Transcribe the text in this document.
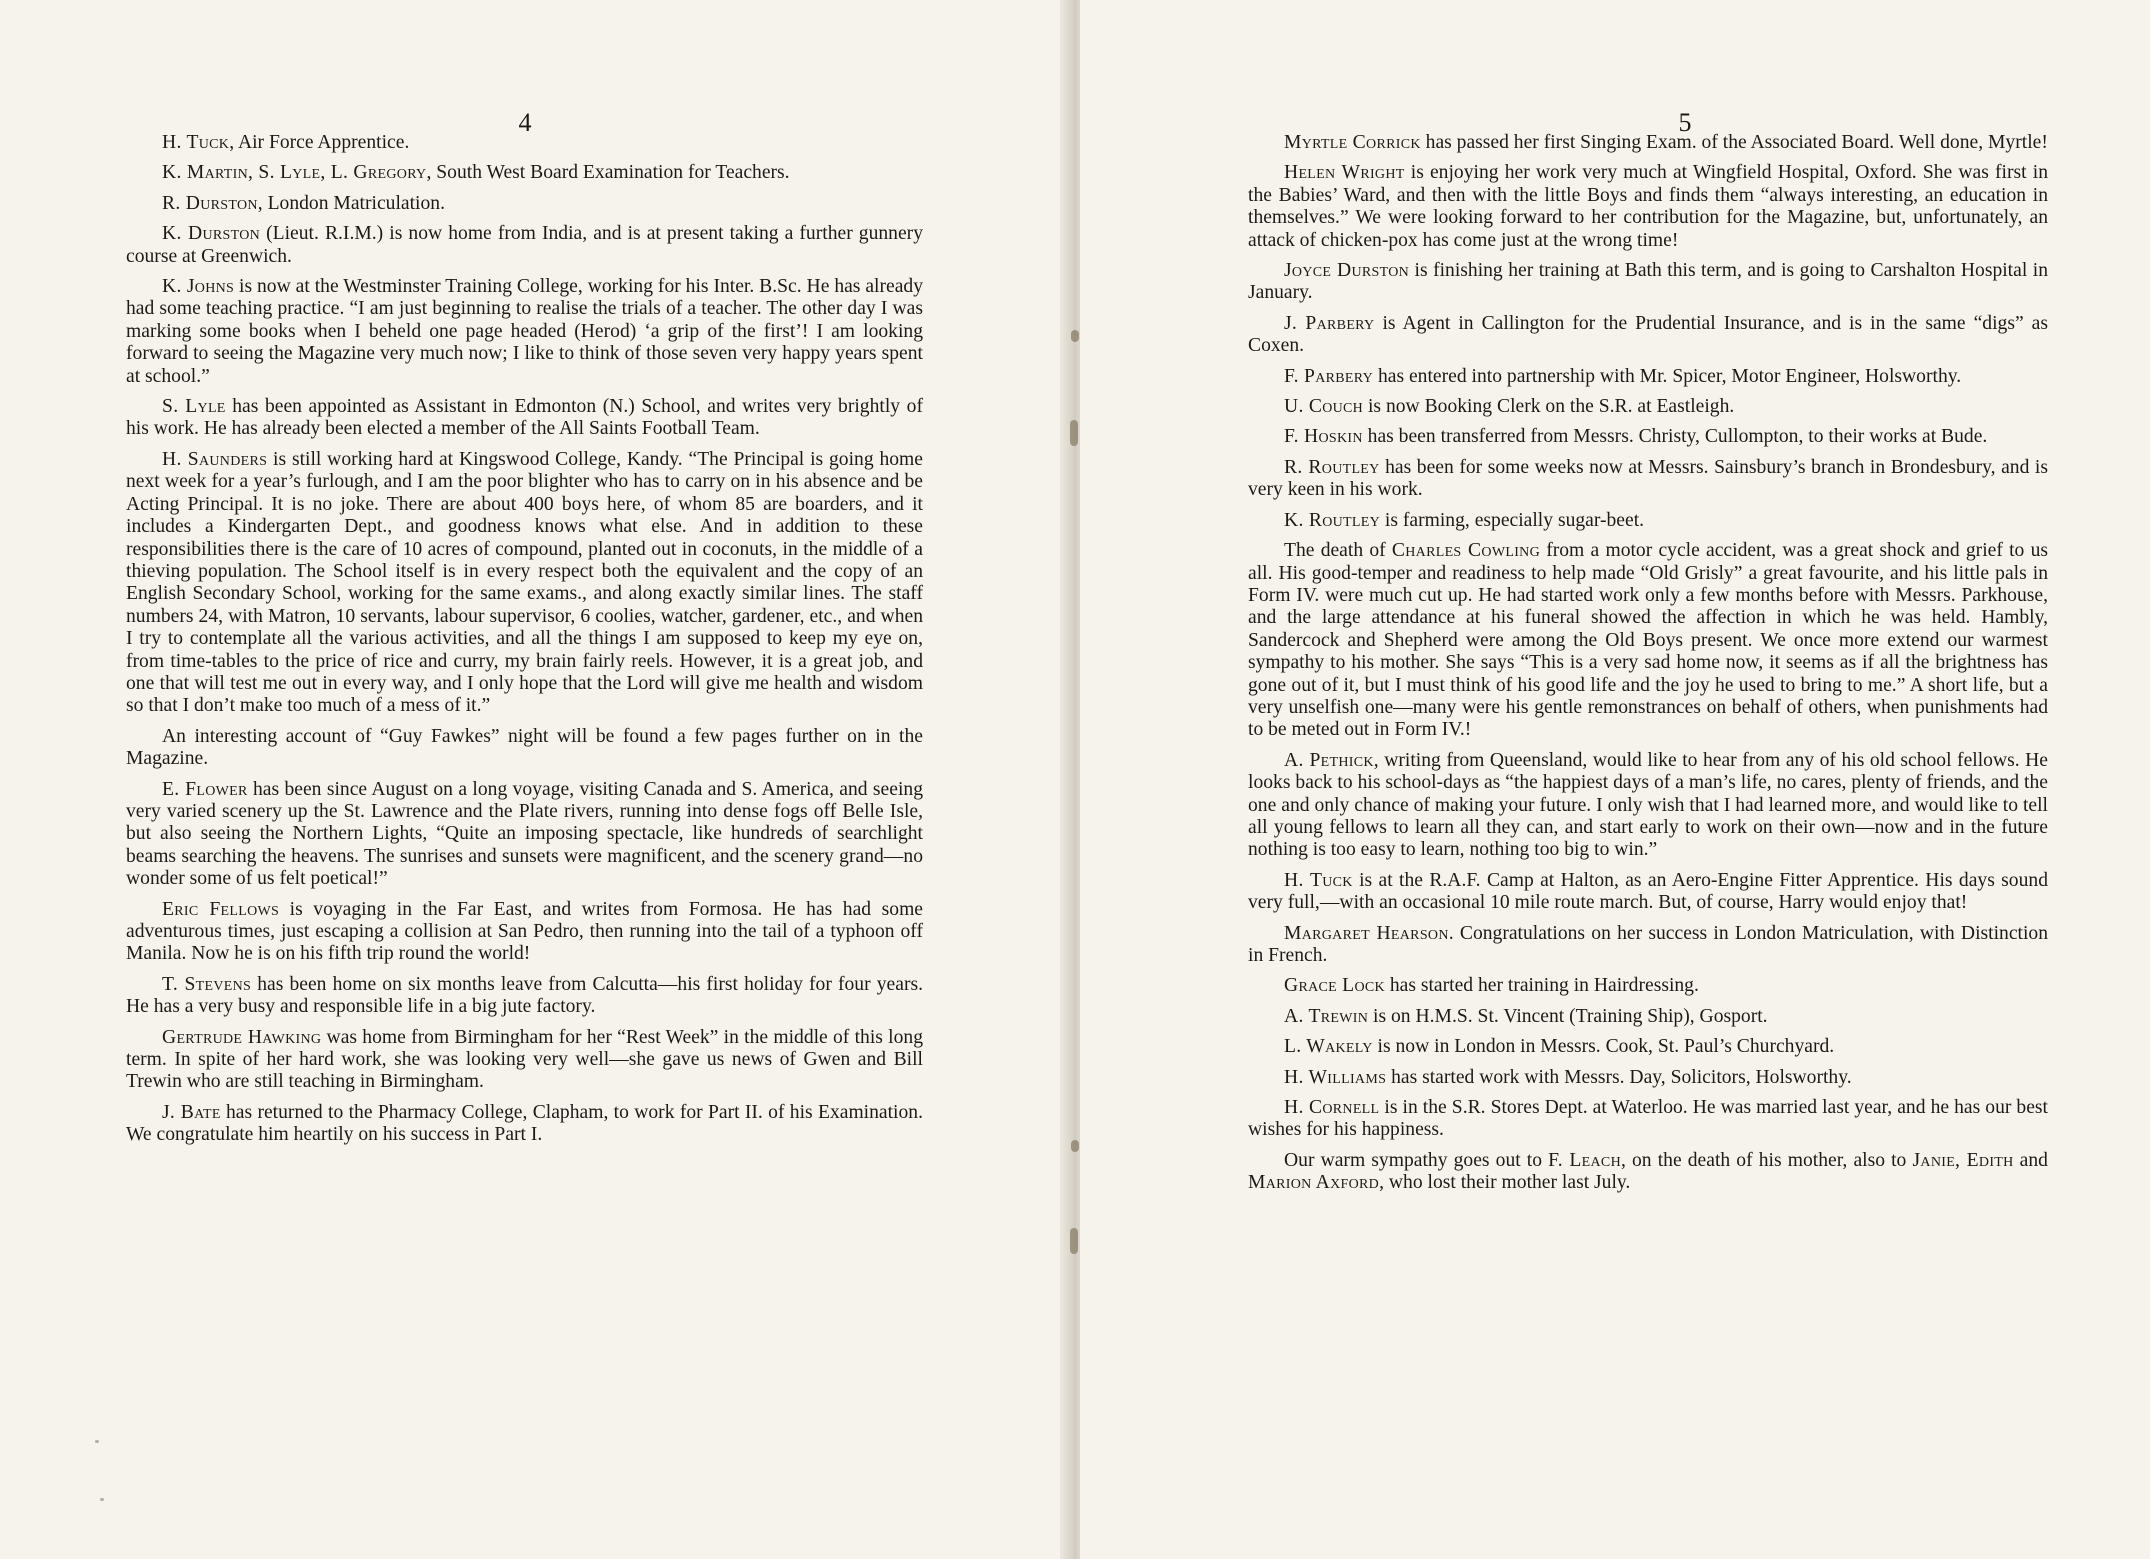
4

H. Tuck, Air Force Apprentice.

K. Martin, S. Lyle, L. Gregory, South West Board Examination for Teachers.

R. Durston, London Matriculation.

K. Durston (Lieut. R.I.M.) is now home from India, and is at present taking a further gunnery course at Greenwich.

K. Johns is now at the Westminster Training College, working for his Inter. B.Sc. He has already had some teaching practice. “I am just beginning to realise the trials of a teacher. The other day I was marking some books when I beheld one page headed (Herod) ‘a grip of the first’! I am looking forward to seeing the Magazine very much now; I like to think of those seven very happy years spent at school.”

S. Lyle has been appointed as Assistant in Edmonton (N.) School, and writes very brightly of his work. He has already been elected a member of the All Saints Football Team.

H. Saunders is still working hard at Kingswood College, Kandy. “The Principal is going home next week for a year’s furlough, and I am the poor blighter who has to carry on in his absence and be Acting Principal. It is no joke. There are about 400 boys here, of whom 85 are boarders, and it includes a Kindergarten Dept., and goodness knows what else. And in addition to these responsibilities there is the care of 10 acres of compound, planted out in coconuts, in the middle of a thieving population. The School itself is in every respect both the equivalent and the copy of an English Secondary School, working for the same exams., and along exactly similar lines. The staff numbers 24, with Matron, 10 servants, labour supervisor, 6 coolies, watcher, gardener, etc., and when I try to contemplate all the various activities, and all the things I am supposed to keep my eye on, from time-tables to the price of rice and curry, my brain fairly reels. However, it is a great job, and one that will test me out in every way, and I only hope that the Lord will give me health and wisdom so that I don’t make too much of a mess of it.”

An interesting account of “Guy Fawkes” night will be found a few pages further on in the Magazine.

E. Flower has been since August on a long voyage, visiting Canada and S. America, and seeing very varied scenery up the St. Lawrence and the Plate rivers, running into dense fogs off Belle Isle, but also seeing the Northern Lights, “Quite an imposing spectacle, like hundreds of searchlight beams searching the heavens. The sunrises and sunsets were magnificent, and the scenery grand—no wonder some of us felt poetical!”

Eric Fellows is voyaging in the Far East, and writes from Formosa. He has had some adventurous times, just escaping a collision at San Pedro, then running into the tail of a typhoon off Manila. Now he is on his fifth trip round the world!

T. Stevens has been home on six months leave from Calcutta—his first holiday for four years. He has a very busy and responsible life in a big jute factory.

Gertrude Hawking was home from Birmingham for her “Rest Week” in the middle of this long term. In spite of her hard work, she was looking very well—she gave us news of Gwen and Bill Trewin who are still teaching in Birmingham.

J. Bate has returned to the Pharmacy College, Clapham, to work for Part II. of his Examination. We congratulate him heartily on his success in Part I.

5

Myrtle Corrick has passed her first Singing Exam. of the Associated Board. Well done, Myrtle!

Helen Wright is enjoying her work very much at Wingfield Hospital, Oxford. She was first in the Babies’ Ward, and then with the little Boys and finds them “always interesting, an education in themselves.” We were looking forward to her contribution for the Magazine, but, unfortunately, an attack of chicken-pox has come just at the wrong time!

Joyce Durston is finishing her training at Bath this term, and is going to Carshalton Hospital in January.

J. Parbery is Agent in Callington for the Prudential Insurance, and is in the same “digs” as Coxen.

F. Parbery has entered into partnership with Mr. Spicer, Motor Engineer, Holsworthy.

U. Couch is now Booking Clerk on the S.R. at Eastleigh.

F. Hoskin has been transferred from Messrs. Christy, Cullompton, to their works at Bude.

R. Routley has been for some weeks now at Messrs. Sainsbury’s branch in Brondesbury, and is very keen in his work.

K. Routley is farming, especially sugar-beet.

The death of Charles Cowling from a motor cycle accident, was a great shock and grief to us all. His good-temper and readiness to help made “Old Grisly” a great favourite, and his little pals in Form IV. were much cut up. He had started work only a few months before with Messrs. Parkhouse, and the large attendance at his funeral showed the affection in which he was held. Hambly, Sandercock and Shepherd were among the Old Boys present. We once more extend our warmest sympathy to his mother. She says “This is a very sad home now, it seems as if all the brightness has gone out of it, but I must think of his good life and the joy he used to bring to me.” A short life, but a very unselfish one—many were his gentle remonstrances on behalf of others, when punishments had to be meted out in Form IV.!

A. Pethick, writing from Queensland, would like to hear from any of his old school fellows. He looks back to his school-days as “the happiest days of a man’s life, no cares, plenty of friends, and the one and only chance of making your future. I only wish that I had learned more, and would like to tell all young fellows to learn all they can, and start early to work on their own—now and in the future nothing is too easy to learn, nothing too big to win.”

H. Tuck is at the R.A.F. Camp at Halton, as an Aero-Engine Fitter Apprentice. His days sound very full,—with an occasional 10 mile route march. But, of course, Harry would enjoy that!

Margaret Hearson. Congratulations on her success in London Matriculation, with Distinction in French.

Grace Lock has started her training in Hairdressing.

A. Trewin is on H.M.S. St. Vincent (Training Ship), Gosport.

L. Wakely is now in London in Messrs. Cook, St. Paul’s Churchyard.

H. Williams has started work with Messrs. Day, Solicitors, Holsworthy.

H. Cornell is in the S.R. Stores Dept. at Waterloo. He was married last year, and he has our best wishes for his happiness.

Our warm sympathy goes out to F. Leach, on the death of his mother, also to Janie, Edith and Marion Axford, who lost their mother last July.
